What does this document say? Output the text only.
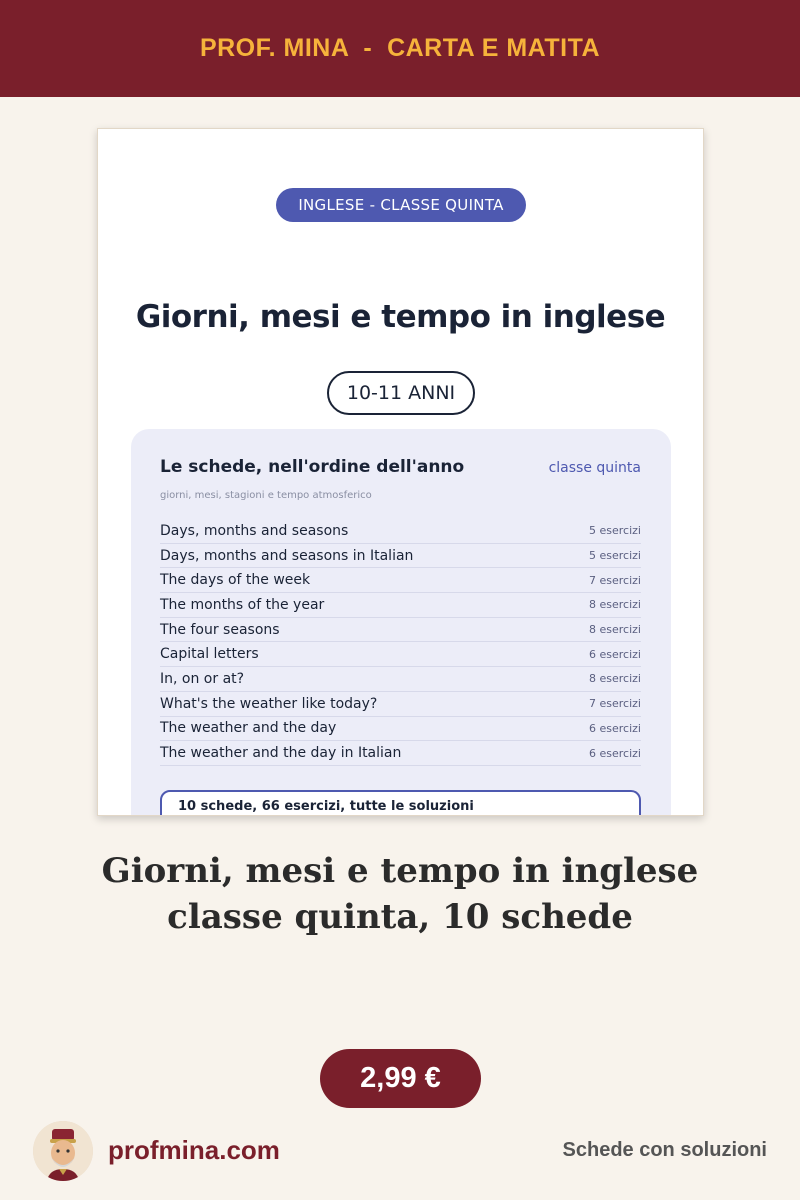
PROF. MINA  -  CARTA E MATITA
INGLESE - CLASSE QUINTA
Giorni, mesi e tempo in inglese
10-11 ANNI
Le schede, nell'ordine dell'anno	classe quinta
giorni, mesi, stagioni e tempo atmosferico
Days, months and seasons	5 esercizi
Days, months and seasons in Italian	5 esercizi
The days of the week	7 esercizi
The months of the year	8 esercizi
The four seasons	8 esercizi
Capital letters	6 esercizi
In, on or at?	8 esercizi
What's the weather like today?	7 esercizi
The weather and the day	6 esercizi
The weather and the day in Italian	6 esercizi
10 schede, 66 esercizi, tutte le soluzioni
Giorni, mesi e tempo in inglese
classe quinta, 10 schede
2,99 €
profmina.com	Schede con soluzioni
